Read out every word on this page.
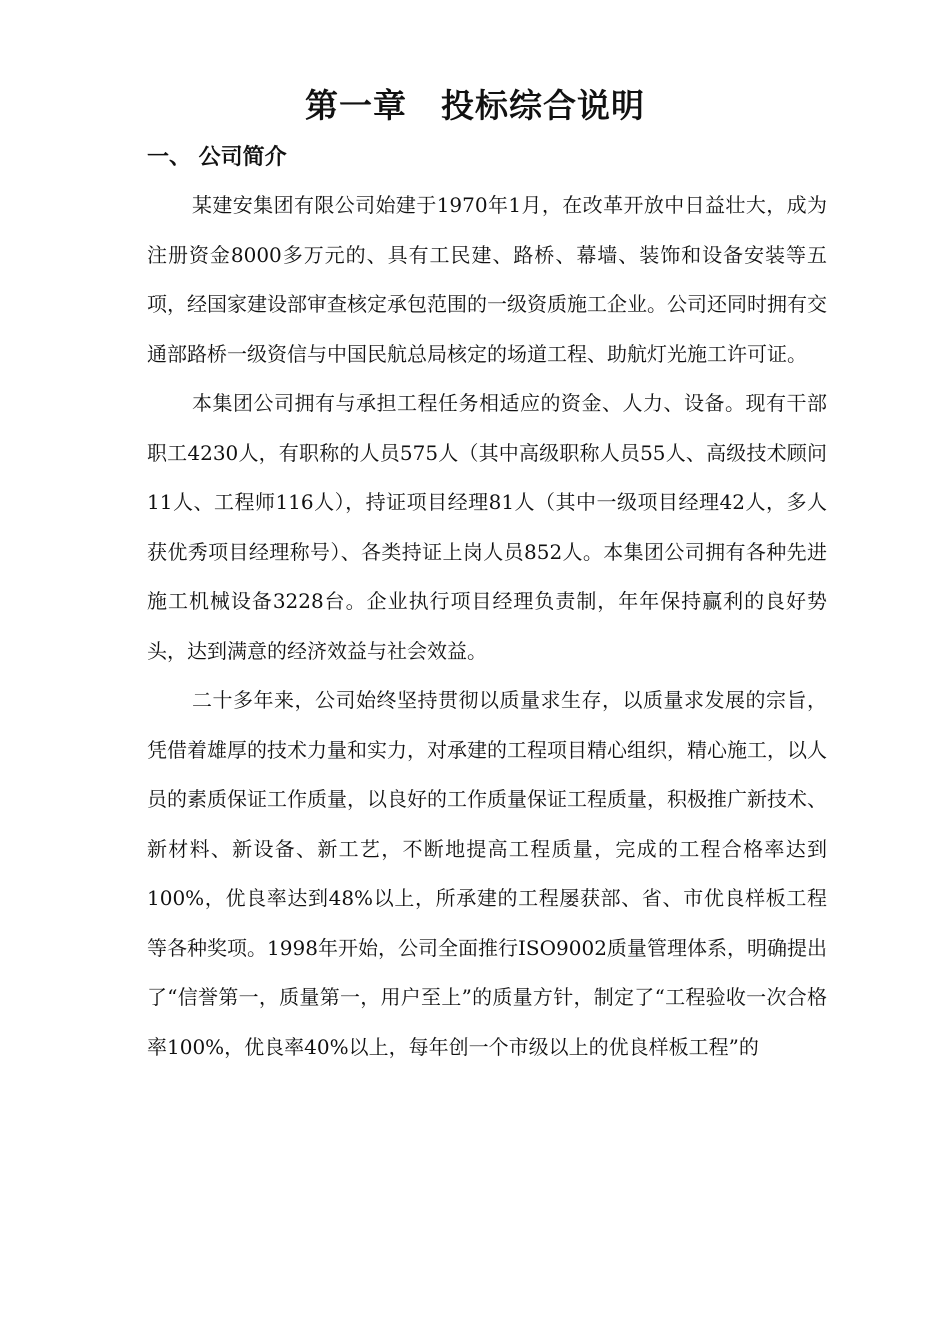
第一章　投标综合说明
一、 公司简介

某建安集团有限公司始建于1970年1月，在改革开放中日益壮大，成为注册资金8000多万元的、具有工民建、路桥、幕墙、装饰和设备安装等五项，经国家建设部审查核定承包范围的一级资质施工企业。公司还同时拥有交通部路桥一级资信与中国民航总局核定的场道工程、助航灯光施工许可证。

本集团公司拥有与承担工程任务相适应的资金、人力、设备。现有干部职工4230人，有职称的人员575人（其中高级职称人员55人、高级技术顾问11人、工程师116人），持证项目经理81人（其中一级项目经理42人，多人获优秀项目经理称号）、各类持证上岗人员852人。本集团公司拥有各种先进施工机械设备3228台。企业执行项目经理负责制，年年保持赢利的良好势头，达到满意的经济效益与社会效益。

二十多年来，公司始终坚持贯彻以质量求生存，以质量求发展的宗旨，凭借着雄厚的技术力量和实力，对承建的工程项目精心组织，精心施工，以人员的素质保证工作质量，以良好的工作质量保证工程质量，积极推广新技术、新材料、新设备、新工艺，不断地提高工程质量，完成的工程合格率达到100%，优良率达到48%以上，所承建的工程屡获部、省、市优良样板工程等各种奖项。1998年开始，公司全面推行ISO9002质量管理体系，明确提出了“信誉第一，质量第一，用户至上”的质量方针，制定了“工程验收一次合格率100%，优良率40%以上，每年创一个市级以上的优良样板工程”的
